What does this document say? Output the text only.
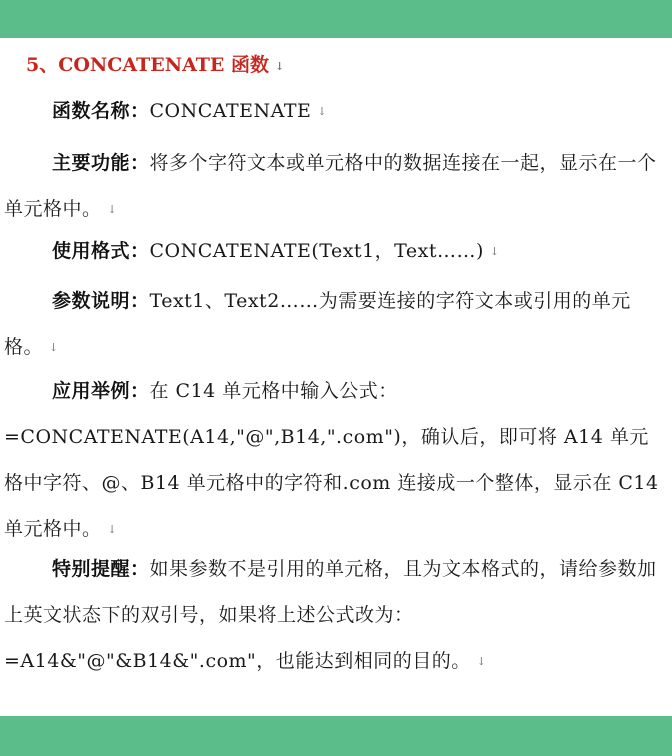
5、CONCATENATE 函数 ↓
函数名称：CONCATENATE ↓
主要功能：将多个字符文本或单元格中的数据连接在一起，显示在一个单元格中。 ↓
使用格式：CONCATENATE(Text1，Text……) ↓
参数说明：Text1、Text2……为需要连接的字符文本或引用的单元格。 ↓
应用举例：在 C14 单元格中输入公式：=CONCATENATE(A14,"@",B14,".com")，确认后，即可将 A14 单元格中字符、@、B14 单元格中的字符和.com 连接成一个整体，显示在 C14 单元格中。 ↓
特别提醒：如果参数不是引用的单元格，且为文本格式的，请给参数加上英文状态下的双引号，如果将上述公式改为：=A14&"@"&B14&".com"，也能达到相同的目的。 ↓
